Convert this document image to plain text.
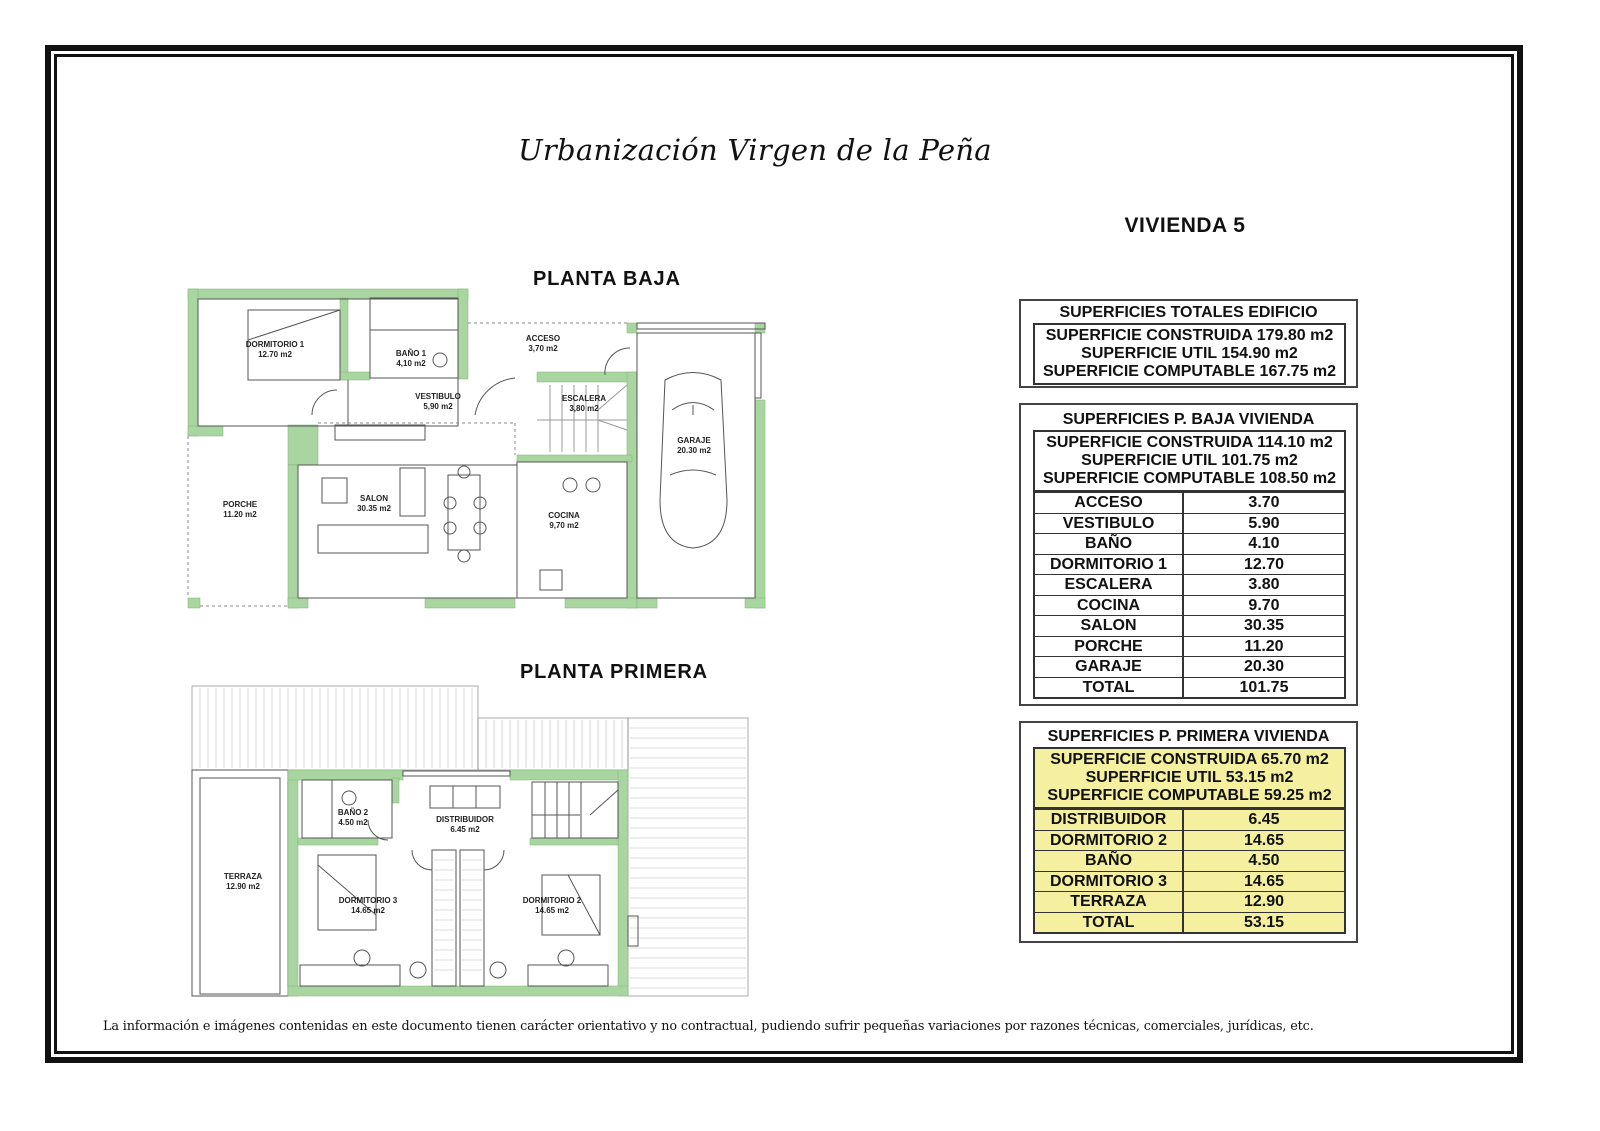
Urbanización Virgen de la Peña
VIVIENDA 5
PLANTA BAJA
DORMITORIO 1
12.70 m2	BAÑO 1
4,10 m2
ACCESO
3,70 m2
VESTIBULO
5,90 m2
ESCALERA
3,80 m2
GARAJE
20.30 m2
PORCHE
11.20 m2
SALON
30.35 m2
COCINA
9,70 m2
PLANTA PRIMERA
BAÑO 2
4.50 m2	DISTRIBUIDOR
6.45 m2
TERRAZA
12.90 m2
DORMITORIO 3
14.65 m2
DORMITORIO 2
14.65 m2
SUPERFICIES TOTALES EDIFICIO
SUPERFICIE CONSTRUIDA 179.80 m2
SUPERFICIE UTIL 154.90 m2
SUPERFICIE COMPUTABLE 167.75 m2
SUPERFICIES P. BAJA VIVIENDA
SUPERFICIE CONSTRUIDA 114.10 m2
SUPERFICIE UTIL 101.75 m2
SUPERFICIE COMPUTABLE 108.50 m2
ACCESO	3.70
VESTIBULO	5.90
BAÑO	4.10
DORMITORIO 1	12.70
ESCALERA	3.80
COCINA	9.70
SALON	30.35
PORCHE	11.20
GARAJE	20.30
TOTAL	101.75
SUPERFICIES P. PRIMERA VIVIENDA
SUPERFICIE CONSTRUIDA 65.70 m2
SUPERFICIE UTIL 53.15 m2
SUPERFICIE COMPUTABLE 59.25 m2
DISTRIBUIDOR	6.45
DORMITORIO 2	14.65
BAÑO	4.50
DORMITORIO 3	14.65
TERRAZA	12.90
TOTAL	53.15
La información e imágenes contenidas en este documento tienen carácter orientativo y no contractual, pudiendo sufrir pequeñas variaciones por razones técnicas, comerciales, jurídicas, etc.
